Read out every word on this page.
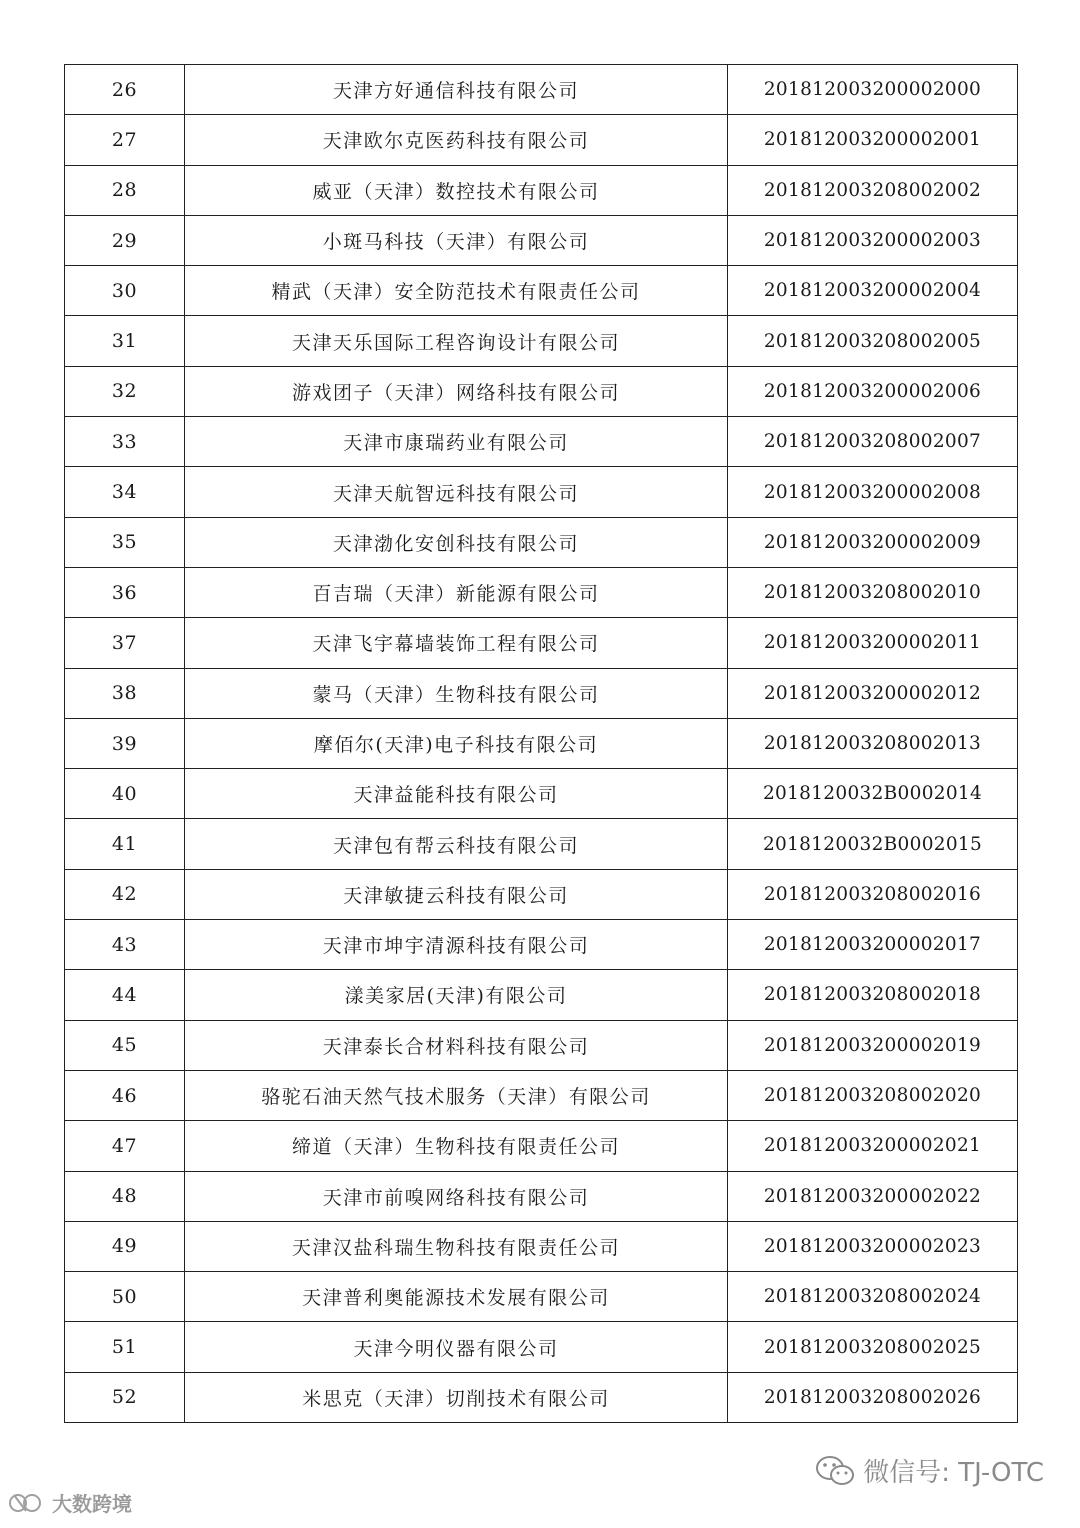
26	天津方好通信科技有限公司	201812003200002000
27	天津欧尔克医药科技有限公司	201812003200002001
28	威亚（天津）数控技术有限公司	201812003208002002
29	小斑马科技（天津）有限公司	201812003200002003
30	精武（天津）安全防范技术有限责任公司	201812003200002004
31	天津天乐国际工程咨询设计有限公司	201812003208002005
32	游戏团子（天津）网络科技有限公司	201812003200002006
33	天津市康瑞药业有限公司	201812003208002007
34	天津天航智远科技有限公司	201812003200002008
35	天津渤化安创科技有限公司	201812003200002009
36	百吉瑞（天津）新能源有限公司	201812003208002010
37	天津飞宇幕墙装饰工程有限公司	201812003200002011
38	蒙马（天津）生物科技有限公司	201812003200002012
39	摩佰尔(天津)电子科技有限公司	201812003208002013
40	天津益能科技有限公司	2018120032B0002014
41	天津包有帮云科技有限公司	2018120032B0002015
42	天津敏捷云科技有限公司	201812003208002016
43	天津市坤宇清源科技有限公司	201812003200002017
44	漾美家居(天津)有限公司	201812003208002018
45	天津泰长合材料科技有限公司	201812003200002019
46	骆驼石油天然气技术服务（天津）有限公司	201812003208002020
47	缔道（天津）生物科技有限责任公司	201812003200002021
48	天津市前嗅网络科技有限公司	201812003200002022
49	天津汉盐科瑞生物科技有限责任公司	201812003200002023
50	天津普利奥能源技术发展有限公司	201812003208002024
51	天津今明仪器有限公司	201812003208002025
52	米思克（天津）切削技术有限公司	201812003208002026
大数跨境
微信号: TJ-OTC
